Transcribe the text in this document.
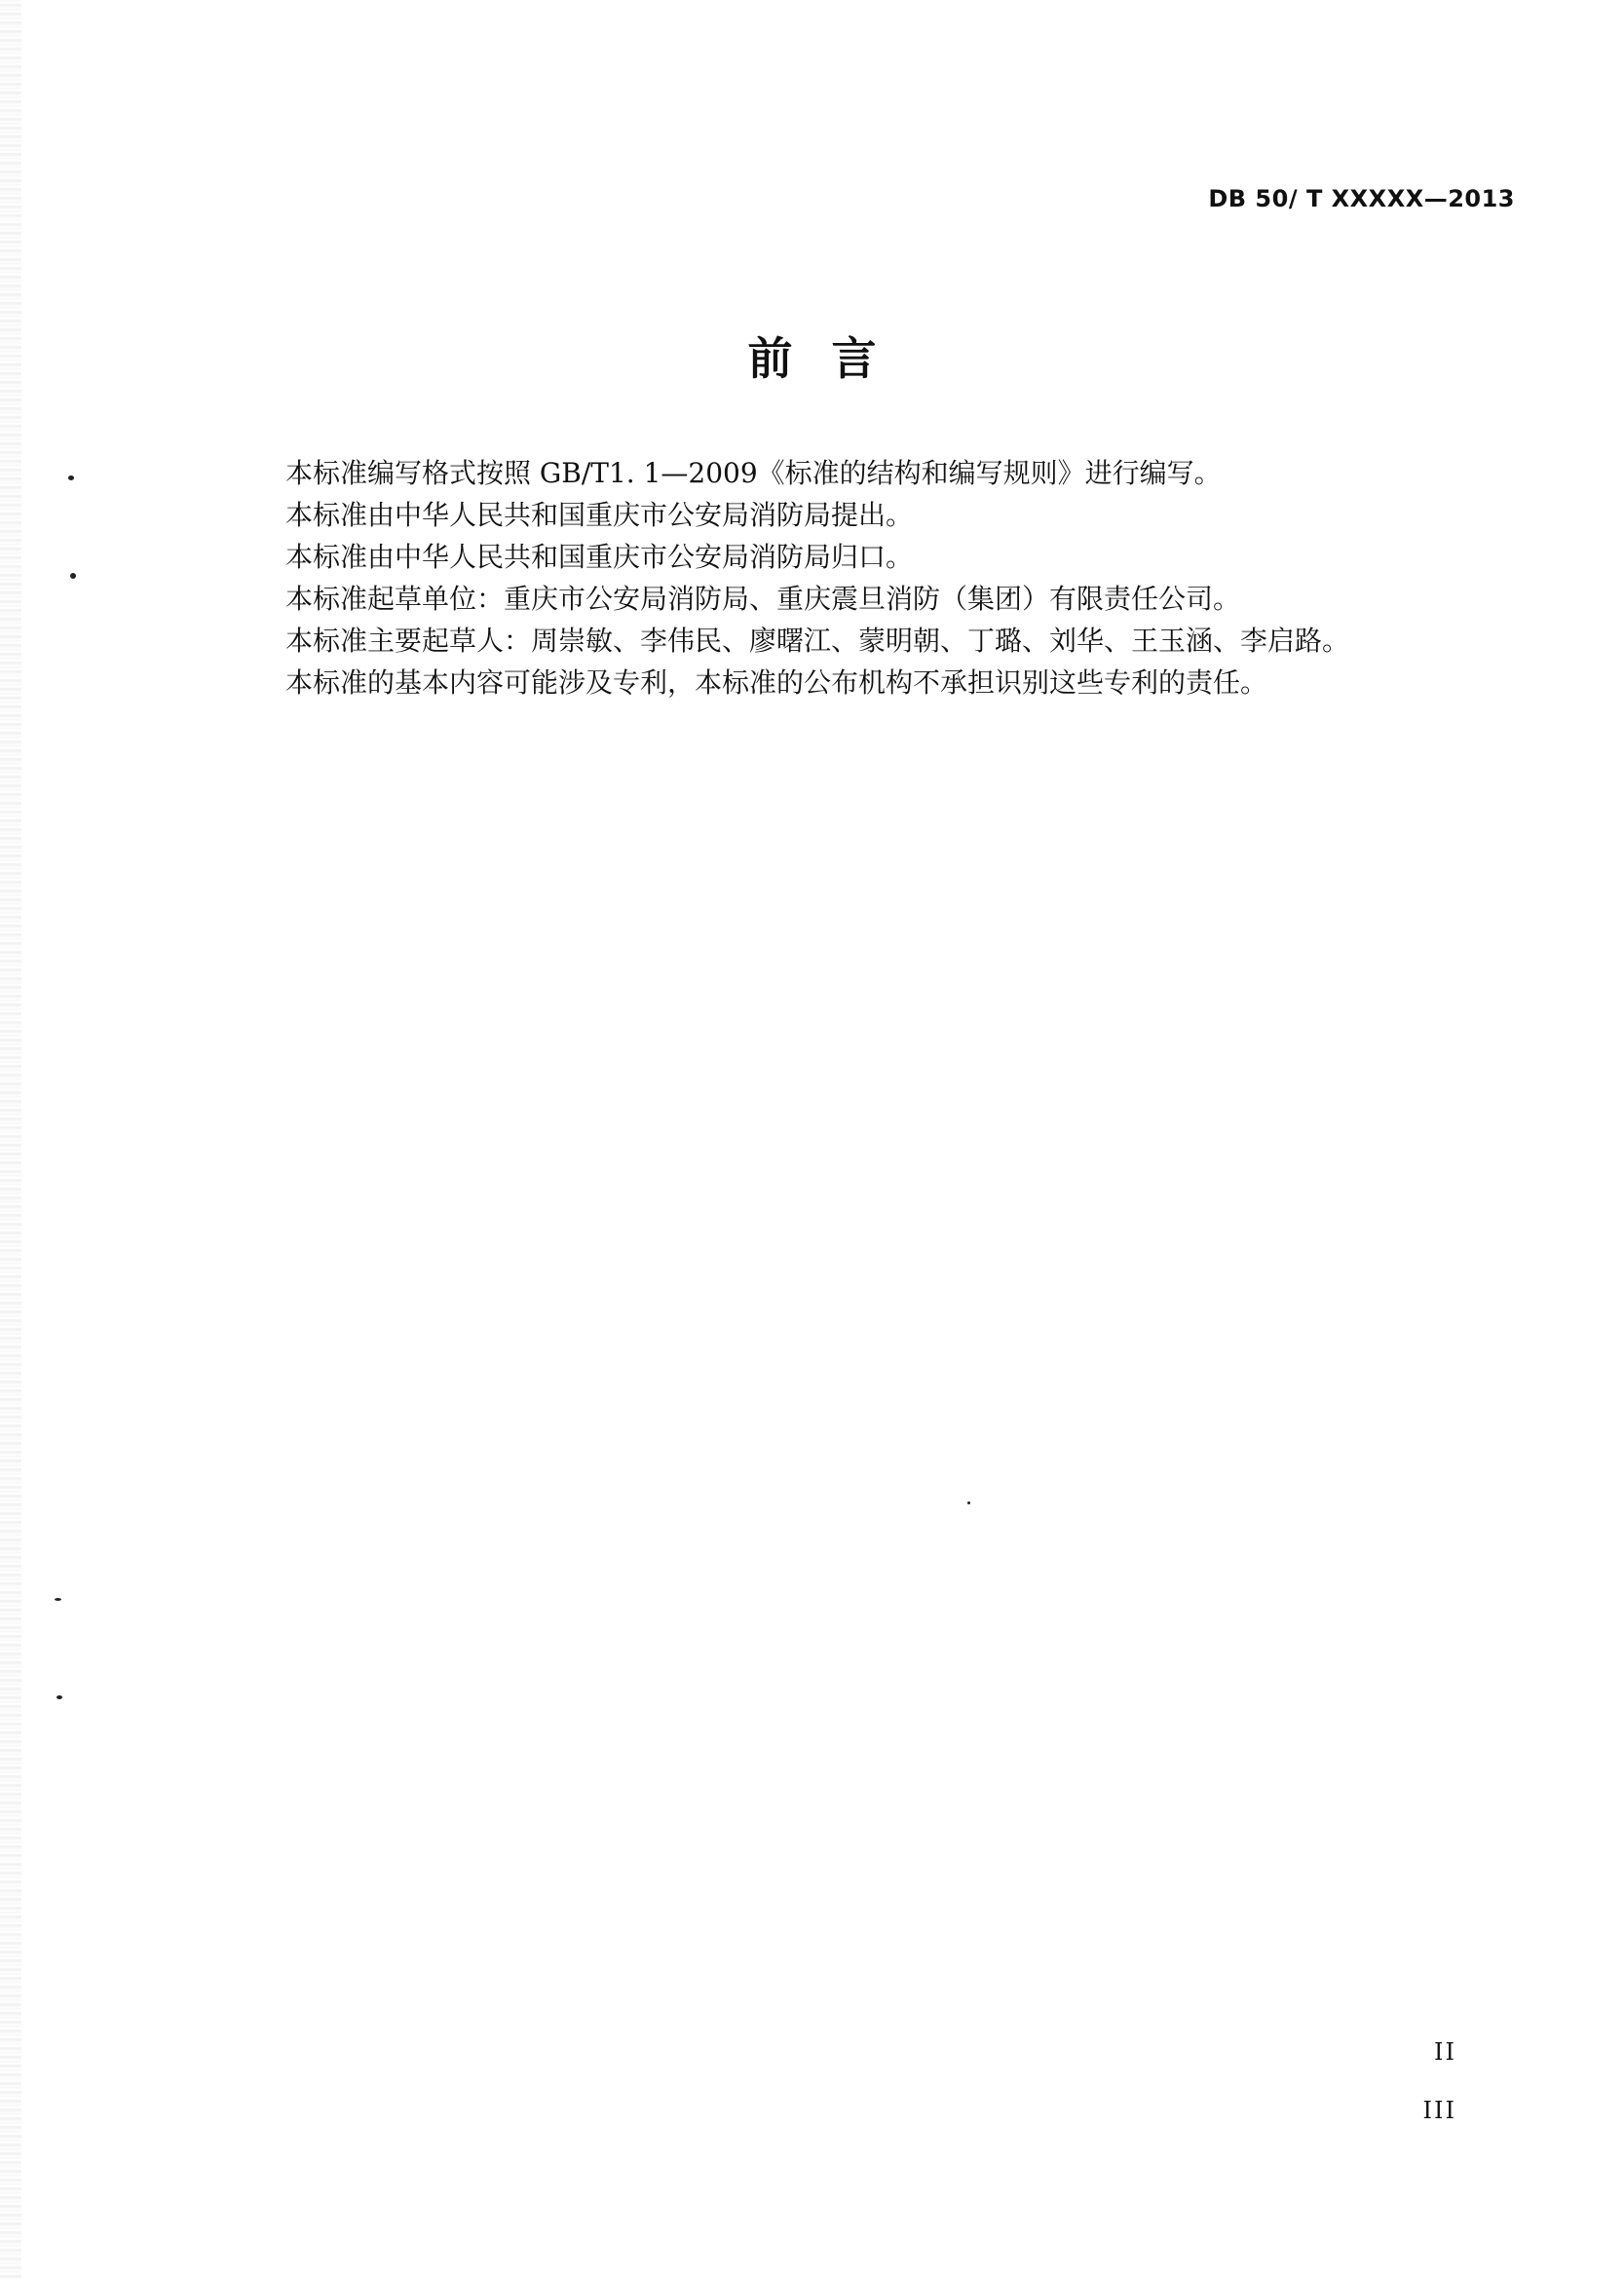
DB 50/ T XXXXX—2013
前言

本标准编写格式按照 GB/T1. 1—2009《标准的结构和编写规则》进行编写。

本标准由中华人民共和国重庆市公安局消防局提出。

本标准由中华人民共和国重庆市公安局消防局归口。

本标准起草单位：重庆市公安局消防局、重庆震旦消防（集团）有限责任公司。

本标准主要起草人：周崇敏、李伟民、廖曙江、蒙明朝、丁璐、刘华、王玉涵、李启路。

本标准的基本内容可能涉及专利，本标准的公布机构不承担识别这些专利的责任。

II
III
